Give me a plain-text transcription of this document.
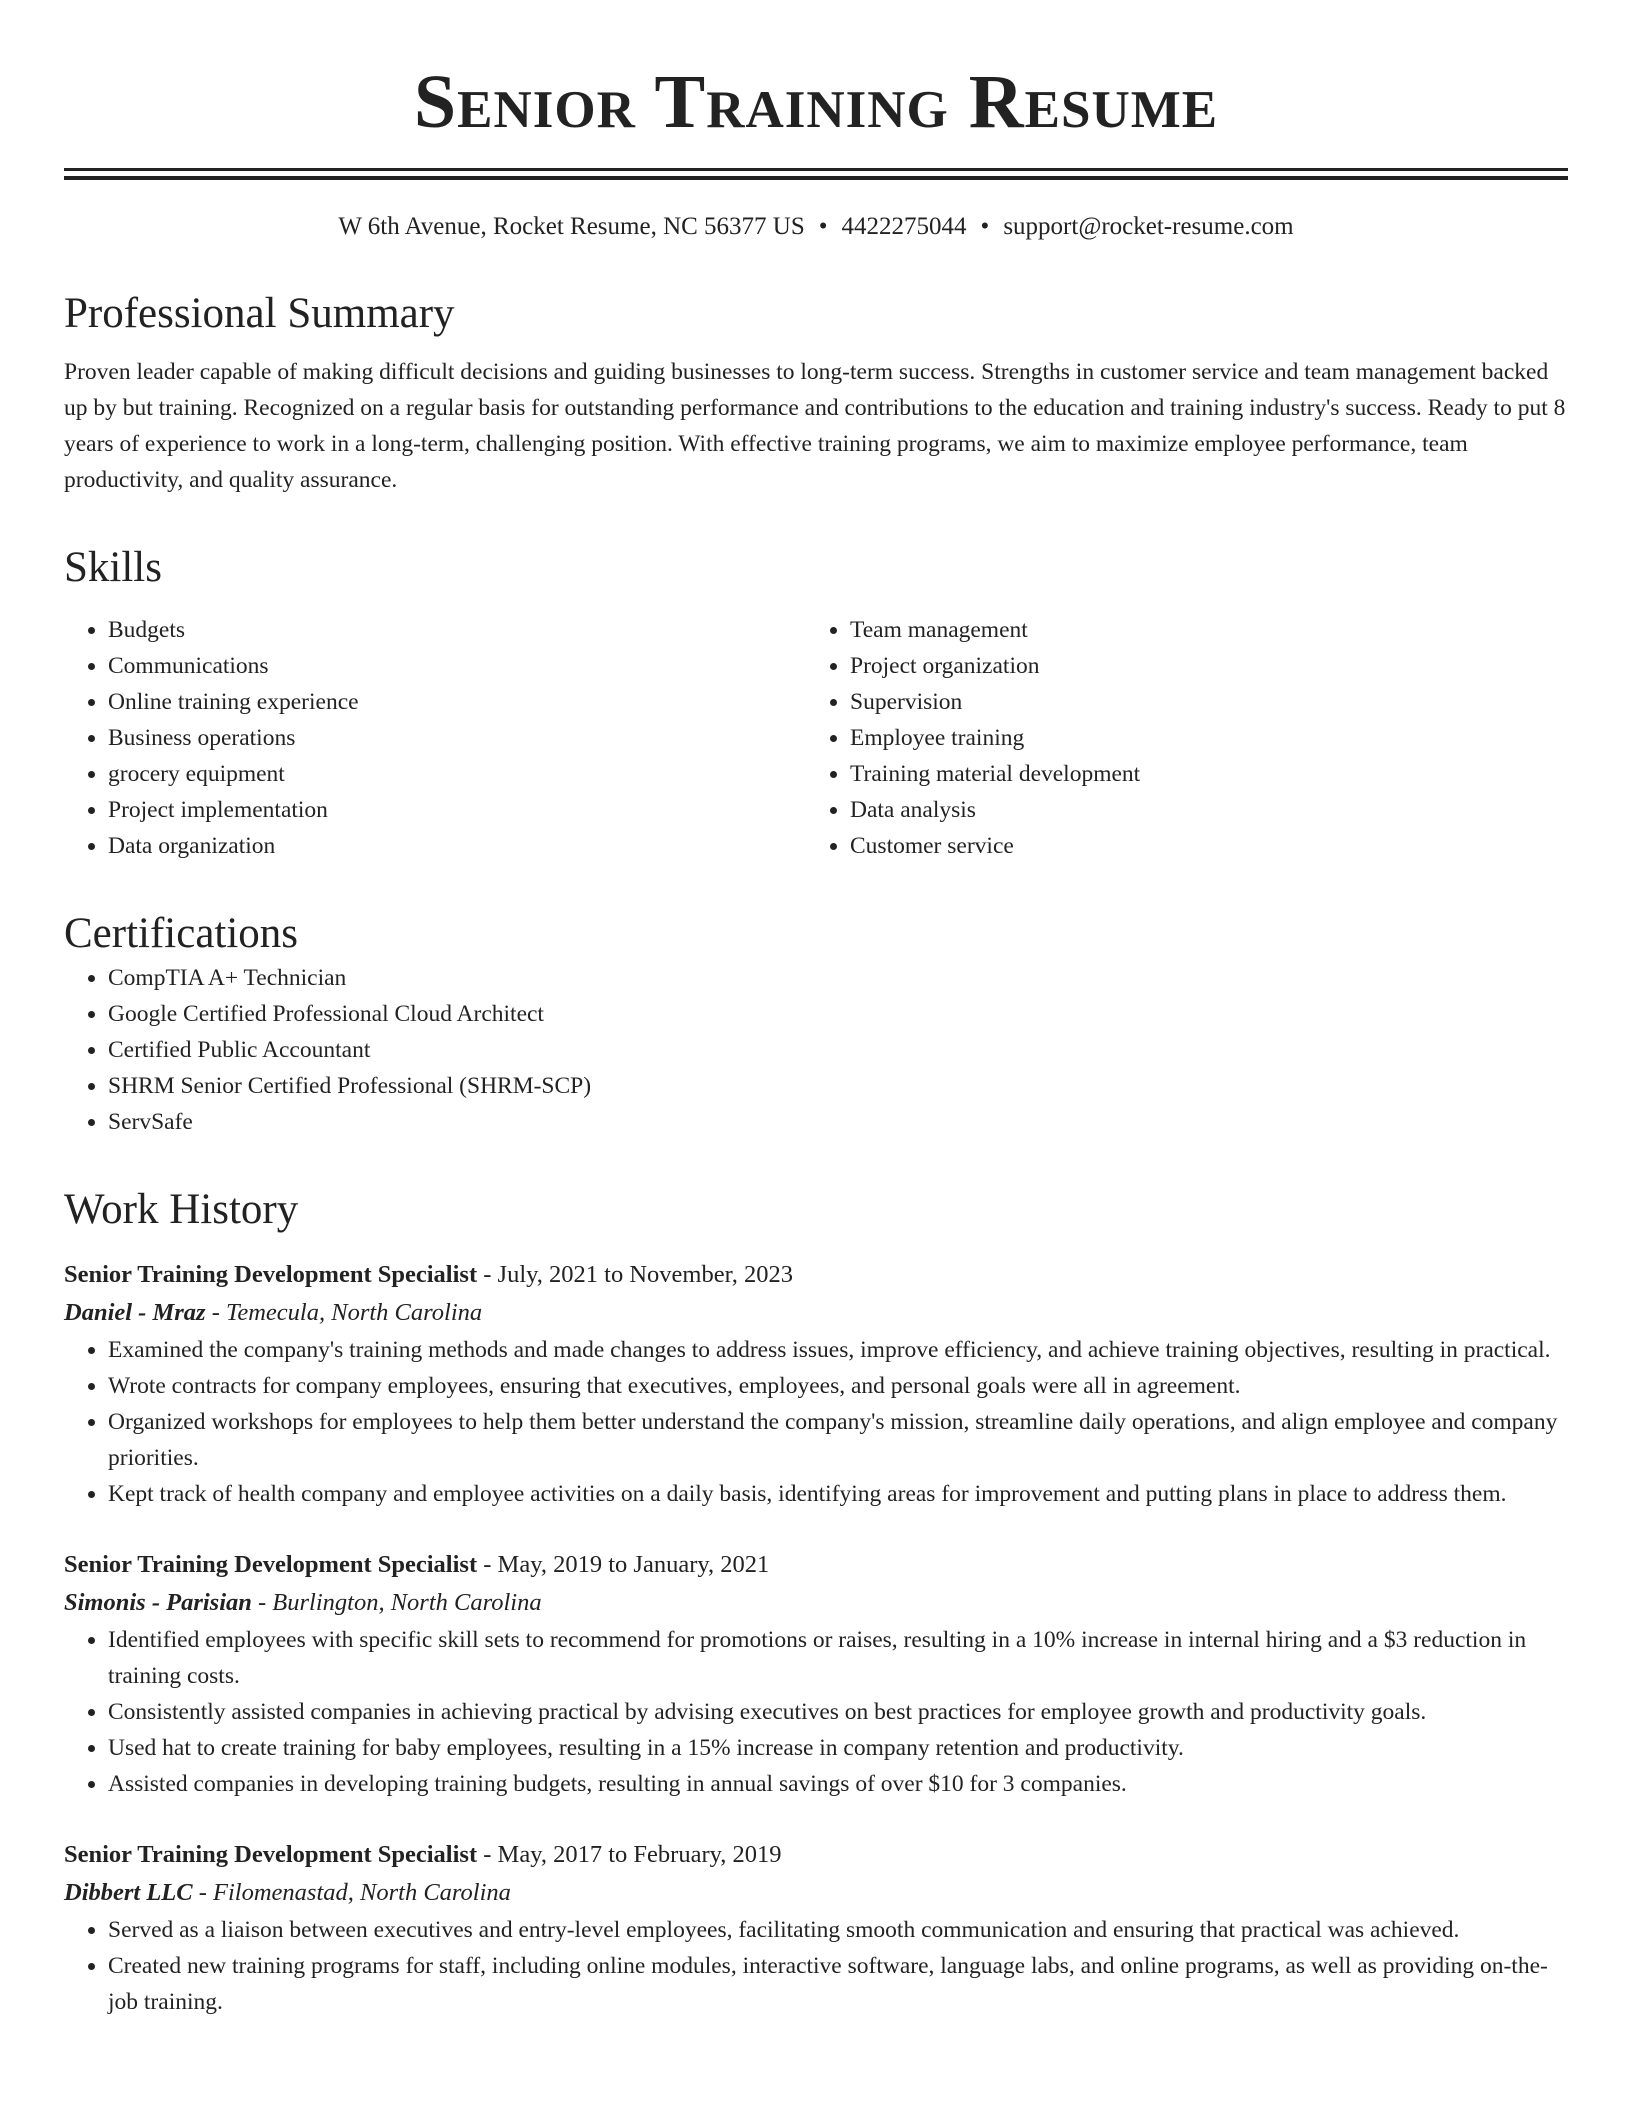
Senior Training Resume
W 6th Avenue, Rocket Resume, NC 56377 US • 4422275044 • support@rocket-resume.com
Professional Summary

Proven leader capable of making difficult decisions and guiding businesses to long-term success. Strengths in customer service and team management backed up by but training. Recognized on a regular basis for outstanding performance and contributions to the education and training industry's success. Ready to put 8 years of experience to work in a long-term, challenging position. With effective training programs, we aim to maximize employee performance, team productivity, and quality assurance.

Skills
• Budgets
• Communications
• Online training experience
• Business operations
• grocery equipment
• Project implementation
• Data organization
• Team management
• Project organization
• Supervision
• Employee training
• Training material development
• Data analysis
• Customer service
Certifications
• CompTIA A+ Technician
• Google Certified Professional Cloud Architect
• Certified Public Accountant
• SHRM Senior Certified Professional (SHRM-SCP)
• ServSafe
Work History
Senior Training Development Specialist - July, 2021 to November, 2023
Daniel - Mraz - Temecula, North Carolina
• Examined the company's training methods and made changes to address issues, improve efficiency, and achieve training objectives, resulting in practical.
• Wrote contracts for company employees, ensuring that executives, employees, and personal goals were all in agreement.
• Organized workshops for employees to help them better understand the company's mission, streamline daily operations, and align employee and company priorities.
• Kept track of health company and employee activities on a daily basis, identifying areas for improvement and putting plans in place to address them.
Senior Training Development Specialist - May, 2019 to January, 2021
Simonis - Parisian - Burlington, North Carolina
• Identified employees with specific skill sets to recommend for promotions or raises, resulting in a 10% increase in internal hiring and a $3 reduction in training costs.
• Consistently assisted companies in achieving practical by advising executives on best practices for employee growth and productivity goals.
• Used hat to create training for baby employees, resulting in a 15% increase in company retention and productivity.
• Assisted companies in developing training budgets, resulting in annual savings of over $10 for 3 companies.
Senior Training Development Specialist - May, 2017 to February, 2019
Dibbert LLC - Filomenastad, North Carolina
• Served as a liaison between executives and entry-level employees, facilitating smooth communication and ensuring that practical was achieved.
• Created new training programs for staff, including online modules, interactive software, language labs, and online programs, as well as providing on-the-job training.
